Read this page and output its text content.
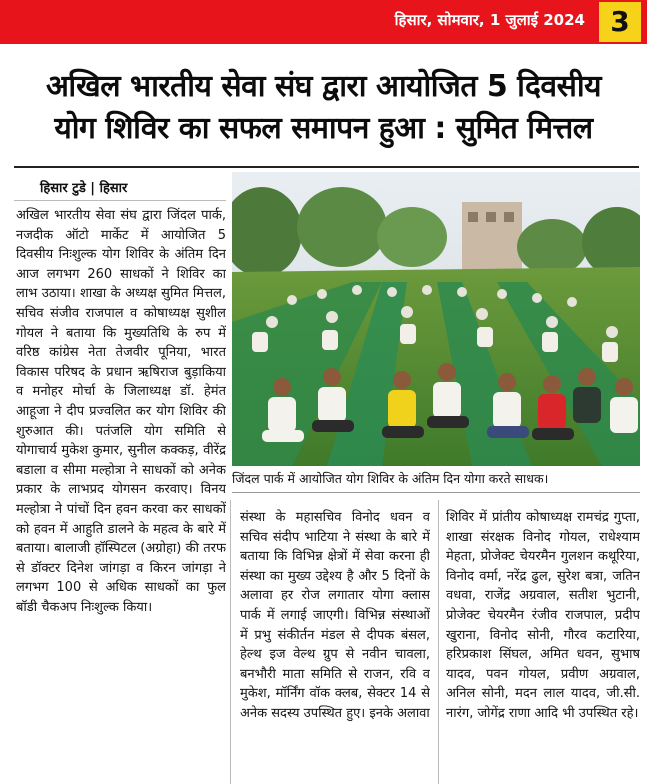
हिसार, सोमवार, 1 जुलाई 2024 3
अखिल भारतीय सेवा संघ द्वारा आयोजित 5 दिवसीय
योग शिविर का सफल समापन हुआ : सुमित मित्तल
हिसार टुडे | हिसार
अखिल भारतीय सेवा संघ द्वारा जिंदल पार्क, नजदीक ऑटो मार्केट में आयोजित 5 दिवसीय निःशुल्क योग शिविर के अंतिम दिन आज लगभग 260 साधकों ने शिविर का लाभ उठाया। शाखा के अध्यक्ष सुमित मित्तल, सचिव संजीव राजपाल व कोषाध्यक्ष सुशील गोयल ने बताया कि मुख्यतिथि के रुप में वरिष्ठ कांग्रेस नेता तेजवीर पूनिया, भारत विकास परिषद के प्रधान ऋषिराज बुड़ाकिया व मनोहर मोर्चा के जिलाध्यक्ष डॉ. हेमंत आहूजा ने दीप प्रज्वलित कर योग शिविर की शुरुआत की। पतंजलि योग समिति से योगाचार्य मुकेश कुमार, सुनील कक्कड़, वीरेंद्र बडाला व सीमा मल्होत्रा ने साधकों को अनेक प्रकार के लाभप्रद योगसन करवाए। विनय मल्होत्रा ने पांचों दिन हवन करवा कर साधकों को हवन में आहुति डालने के महत्व के बारे में बताया। बालाजी हॉस्पिटल (अग्रोहा) की तरफ से डॉक्टर दिनेश जांगड़ा व किरन जांगड़ा ने लगभग 100 से अधिक साधकों का फुल बॉडी चैकअप निःशुल्क किया।
संस्था के महासचिव विनोद धवन व सचिव संदीप भाटिया ने संस्था के बारे में बताया कि विभिन्न क्षेत्रों में सेवा करना ही संस्था का मुख्य उद्देश्य है और 5 दिनों के अलावा हर रोज लगातार योगा क्लास पार्क में लगाई जाएगी। विभिन्न संस्थाओं में प्रभु संकीर्तन मंडल से दीपक बंसल, हेल्थ इज वेल्थ ग्रुप से नवीन चावला, बनभौरी माता समिति से राजन, रवि व मुकेश, मॉर्निंग वॉक क्लब, सेक्टर 14 से अनेक सदस्य उपस्थित हुए। इनके अलावा
शिविर में प्रांतीय कोषाध्यक्ष रामचंद्र गुप्ता, शाखा संरक्षक विनोद गोयल, राधेश्याम मेहता, प्रोजेक्ट चेयरमैन गुलशन कथूरिया, विनोद वर्मा, नरेंद्र ढुल, सुरेश बत्रा, जतिन वधवा, राजेंद्र अग्रवाल, सतीश भुटानी, प्रोजेक्ट चेयरमैन रंजीव राजपाल, प्रदीप खुराना, विनोद सोनी, गौरव कटारिया, हरिप्रकाश सिंघल, अमित धवन, सुभाष यादव, पवन गोयल, प्रवीण अग्रवाल, अनिल सोनी, मदन लाल यादव, जी.सी. नारंग, जोगेंद्र राणा आदि भी उपस्थित रहे।
जिंदल पार्क में आयोजित योग शिविर के अंतिम दिन योगा करते साधक।
